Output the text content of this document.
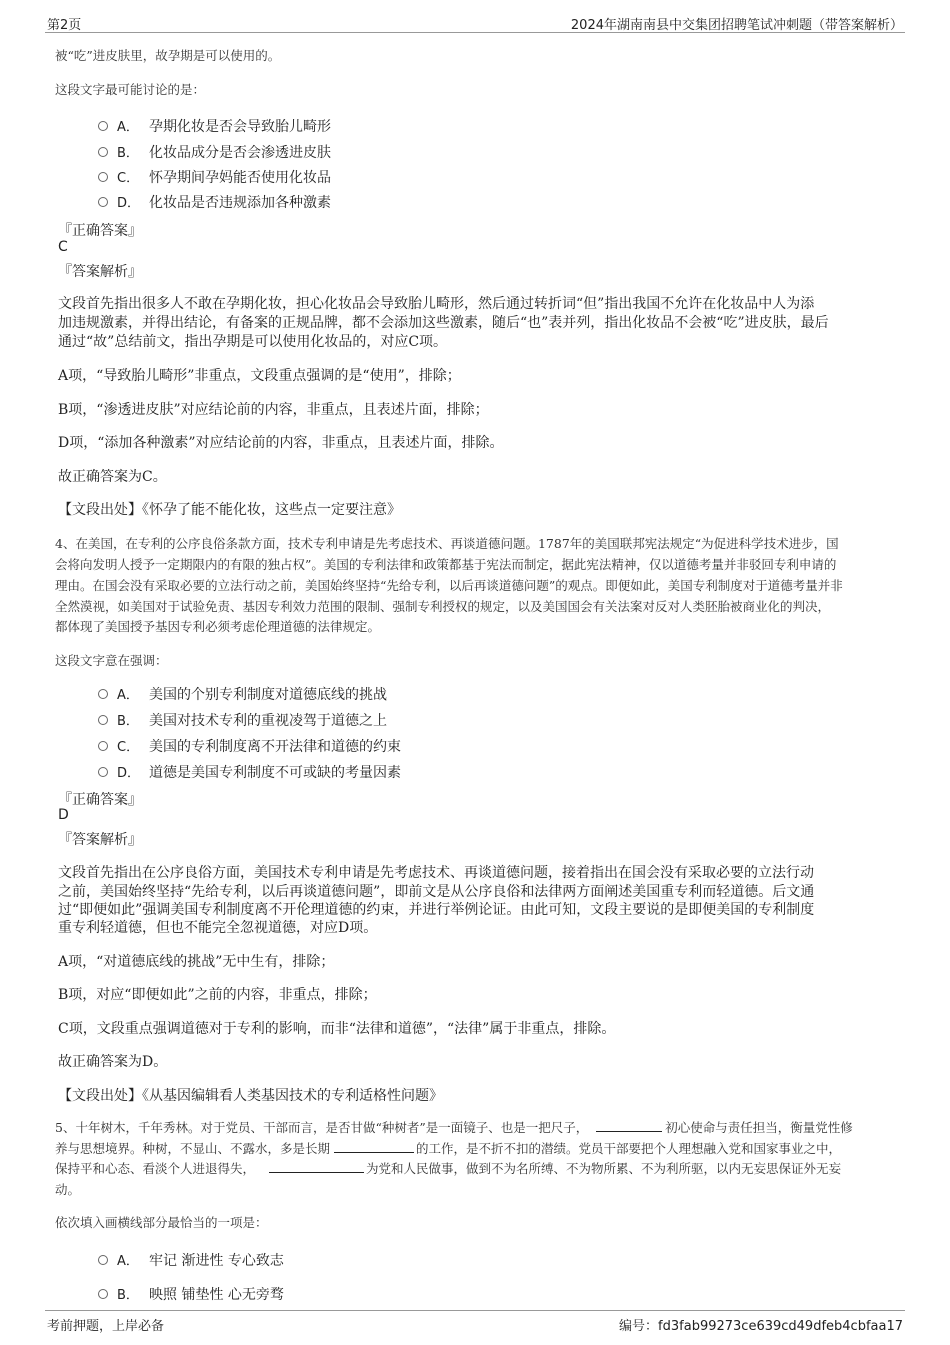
第2页	2024年湖南南县中交集团招聘笔试冲刺题（带答案解析）
被“吃”进皮肤里，故孕期是可以使用的。
这段文字最可能讨论的是：
A． 孕期化妆是否会导致胎儿畸形
B． 化妆品成分是否会渗透进皮肤
C． 怀孕期间孕妈能否使用化妆品
D． 化妆品是否违规添加各种激素
『正确答案』
C
『答案解析』
文段首先指出很多人不敢在孕期化妆，担心化妆品会导致胎儿畸形，然后通过转折词“但”指出我国不允许在化妆品中人为添
加违规激素，并得出结论，有备案的正规品牌，都不会添加这些激素，随后“也”表并列，指出化妆品不会被“吃”进皮肤，最后
通过“故”总结前文，指出孕期是可以使用化妆品的，对应C项。
A项，“导致胎儿畸形”非重点，文段重点强调的是“使用”，排除；
B项，“渗透进皮肤”对应结论前的内容，非重点，且表述片面，排除；
D项，“添加各种激素”对应结论前的内容，非重点，且表述片面，排除。
故正确答案为C。
【文段出处】《怀孕了能不能化妆，这些点一定要注意》
4、在美国，在专利的公序良俗条款方面，技术专利申请是先考虑技术、再谈道德问题。1787年的美国联邦宪法规定“为促进科学技术进步，国
会将向发明人授予一定期限内的有限的独占权”。美国的专利法律和政策都基于宪法而制定，据此宪法精神，仅以道德考量并非驳回专利申请的
理由。在国会没有采取必要的立法行动之前，美国始终坚持“先给专利，以后再谈道德问题”的观点。即便如此，美国专利制度对于道德考量并非
全然漠视，如美国对于试验免责、基因专利效力范围的限制、强制专利授权的规定，以及美国国会有关法案对反对人类胚胎被商业化的判决，
都体现了美国授予基因专利必须考虑伦理道德的法律规定。
这段文字意在强调：
A． 美国的个别专利制度对道德底线的挑战
B． 美国对技术专利的重视凌驾于道德之上
C． 美国的专利制度离不开法律和道德的约束
D． 道德是美国专利制度不可或缺的考量因素
『正确答案』
D
『答案解析』
文段首先指出在公序良俗方面，美国技术专利申请是先考虑技术、再谈道德问题，接着指出在国会没有采取必要的立法行动
之前，美国始终坚持“先给专利，以后再谈道德问题”，即前文是从公序良俗和法律两方面阐述美国重专利而轻道德。后文通
过“即便如此”强调美国专利制度离不开伦理道德的约束，并进行举例论证。由此可知，文段主要说的是即便美国的专利制度
重专利轻道德，但也不能完全忽视道德，对应D项。
A项，“对道德底线的挑战”无中生有，排除；
B项，对应“即便如此”之前的内容，非重点，排除；
C项，文段重点强调道德对于专利的影响，而非“法律和道德”，“法律”属于非重点，排除。
故正确答案为D。
【文段出处】《从基因编辑看人类基因技术的专利适格性问题》
5、十年树木，千年秀林。对于党员、干部而言，是否甘做“种树者”是一面镜子、也是一把尺子，	初心使命与责任担当，衡量党性修
养与思想境界。种树，不显山、不露水，多是长期	的工作，是不折不扣的潜绩。党员干部要把个人理想融入党和国家事业之中，
保持平和心态、看淡个人进退得失，	为党和人民做事，做到不为名所缚、不为物所累、不为利所驱，以内无妄思保证外无妄
动。
依次填入画横线部分最恰当的一项是：
A． 牢记 渐进性 专心致志
B． 映照 铺垫性 心无旁骛
考前押题，上岸必备	编号：fd3fab99273ce639cd49dfeb4cbfaa17
